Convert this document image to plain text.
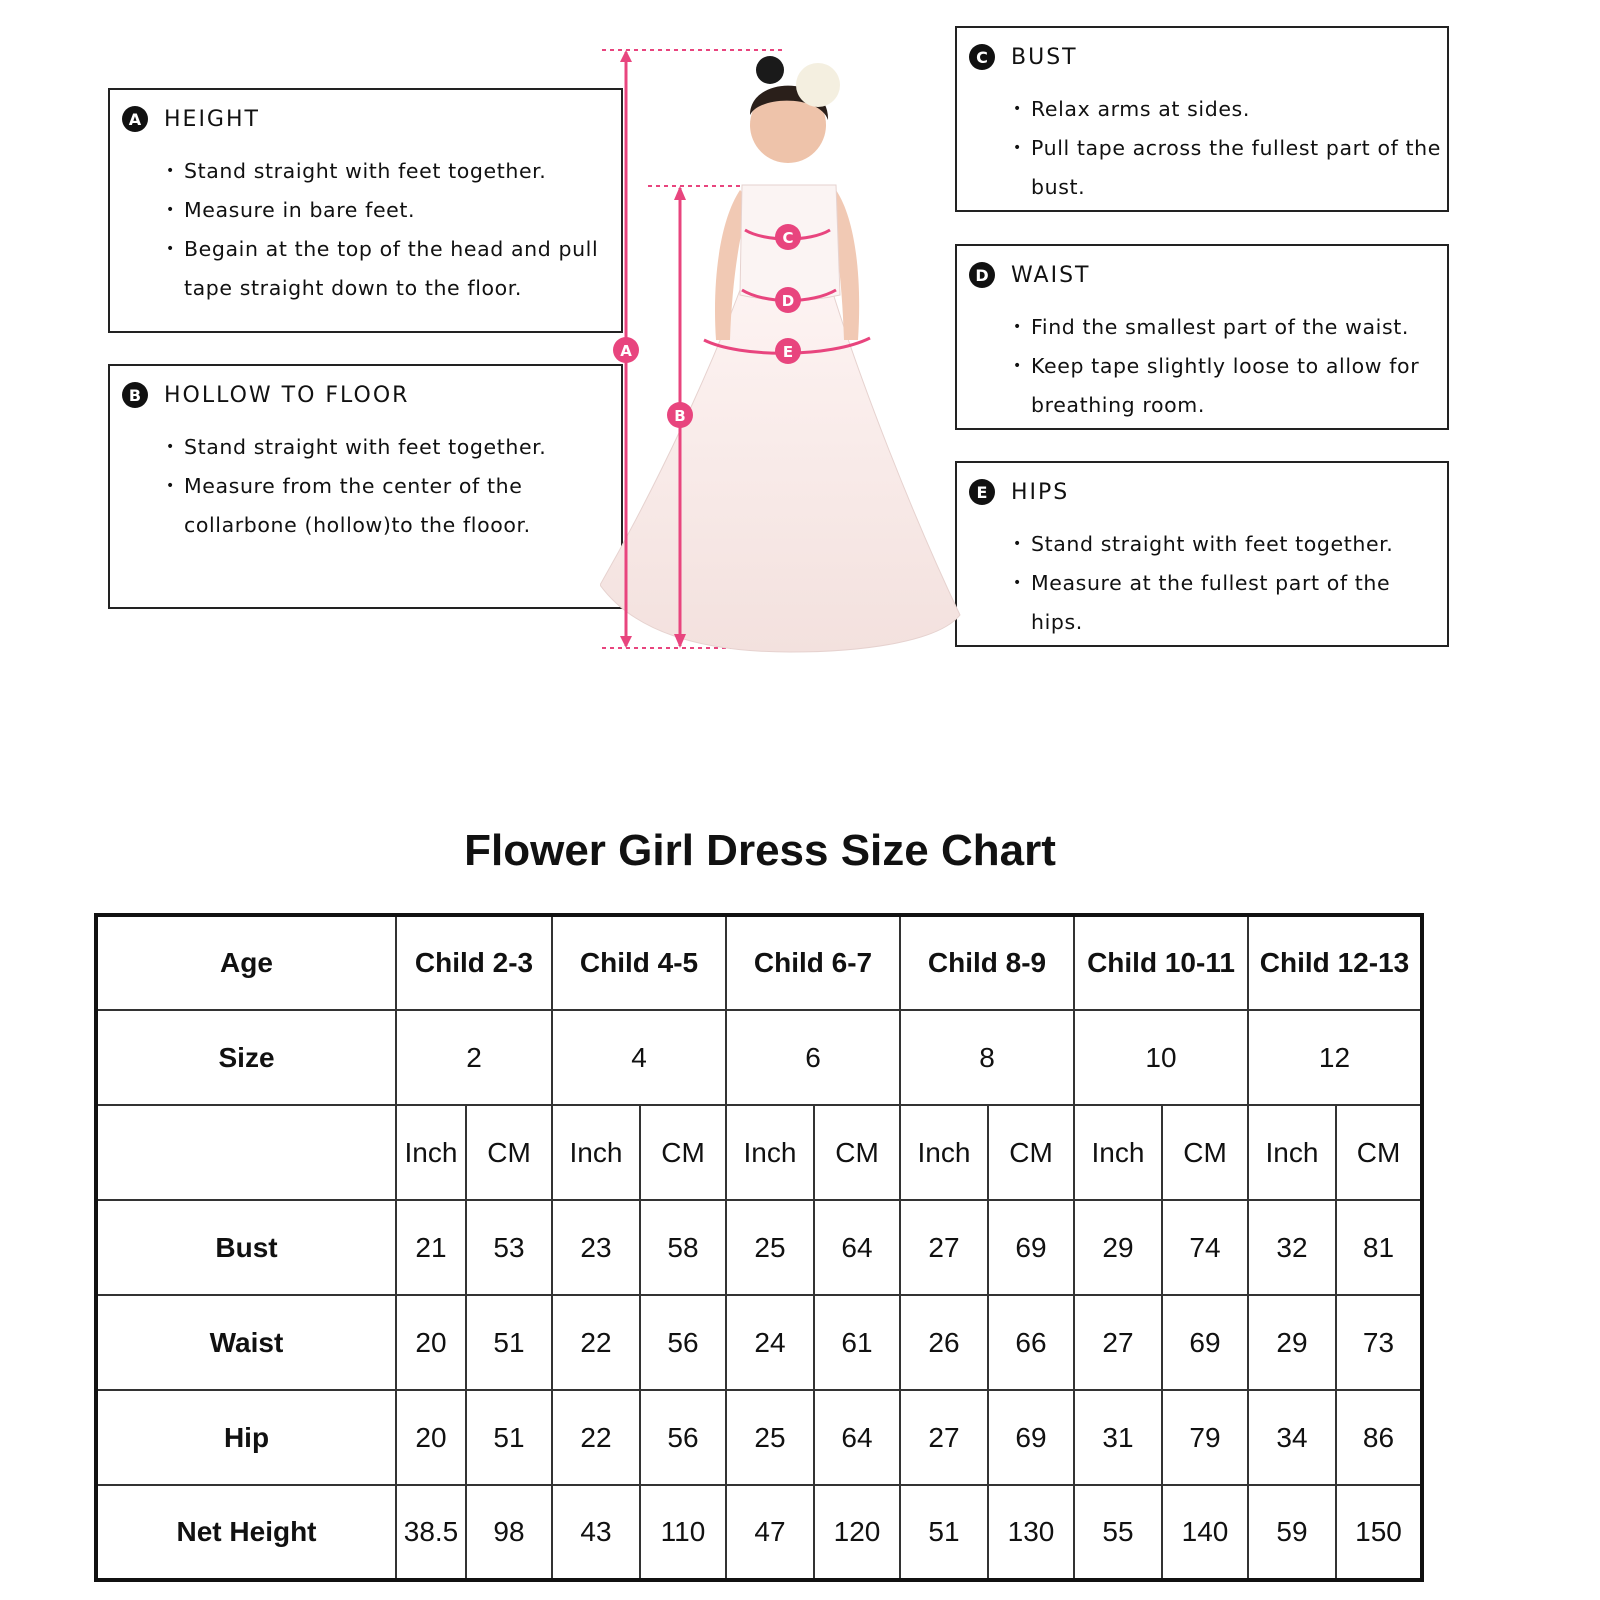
A	HEIGHT
• Stand straight with feet together.
• Measure in bare feet.
• Begain at the top of the head and pull tape straight down to the floor.
B	HOLLOW TO FLOOR
• Stand straight with feet together.
• Measure from the center of the collarbone (hollow)to the flooor.
C	BUST
• Relax arms at sides.
• Pull tape across the fullest part of the bust.
D WAIST
• Find the smallest part of the waist.
• Keep tape slightly loose to allow for breathing room.
E	HIPS
• Stand straight with feet together.
• Measure at the fullest part of the hips.
A
B
C
D
E
Flower Girl Dress Size Chart
Age	Child 2-3		Child 4-5		Child 6-7		Child 8-9		Child 10-11		Child 12-13	
Size	2		4		6		8		10		12	
	Inch	CM	Inch	CM	Inch	CM	Inch	CM	Inch	CM	Inch	CM
Bust	21	53	23	58	25	64	27	69	29	74	32	81
Waist	20	51	22	56	24	61	26	66	27	69	29	73
Hip	20	51	22	56	25	64	27	69	31	79	34	86
Net Height	38.5	98	43	110	47	120	51	130	55	140	59	150
